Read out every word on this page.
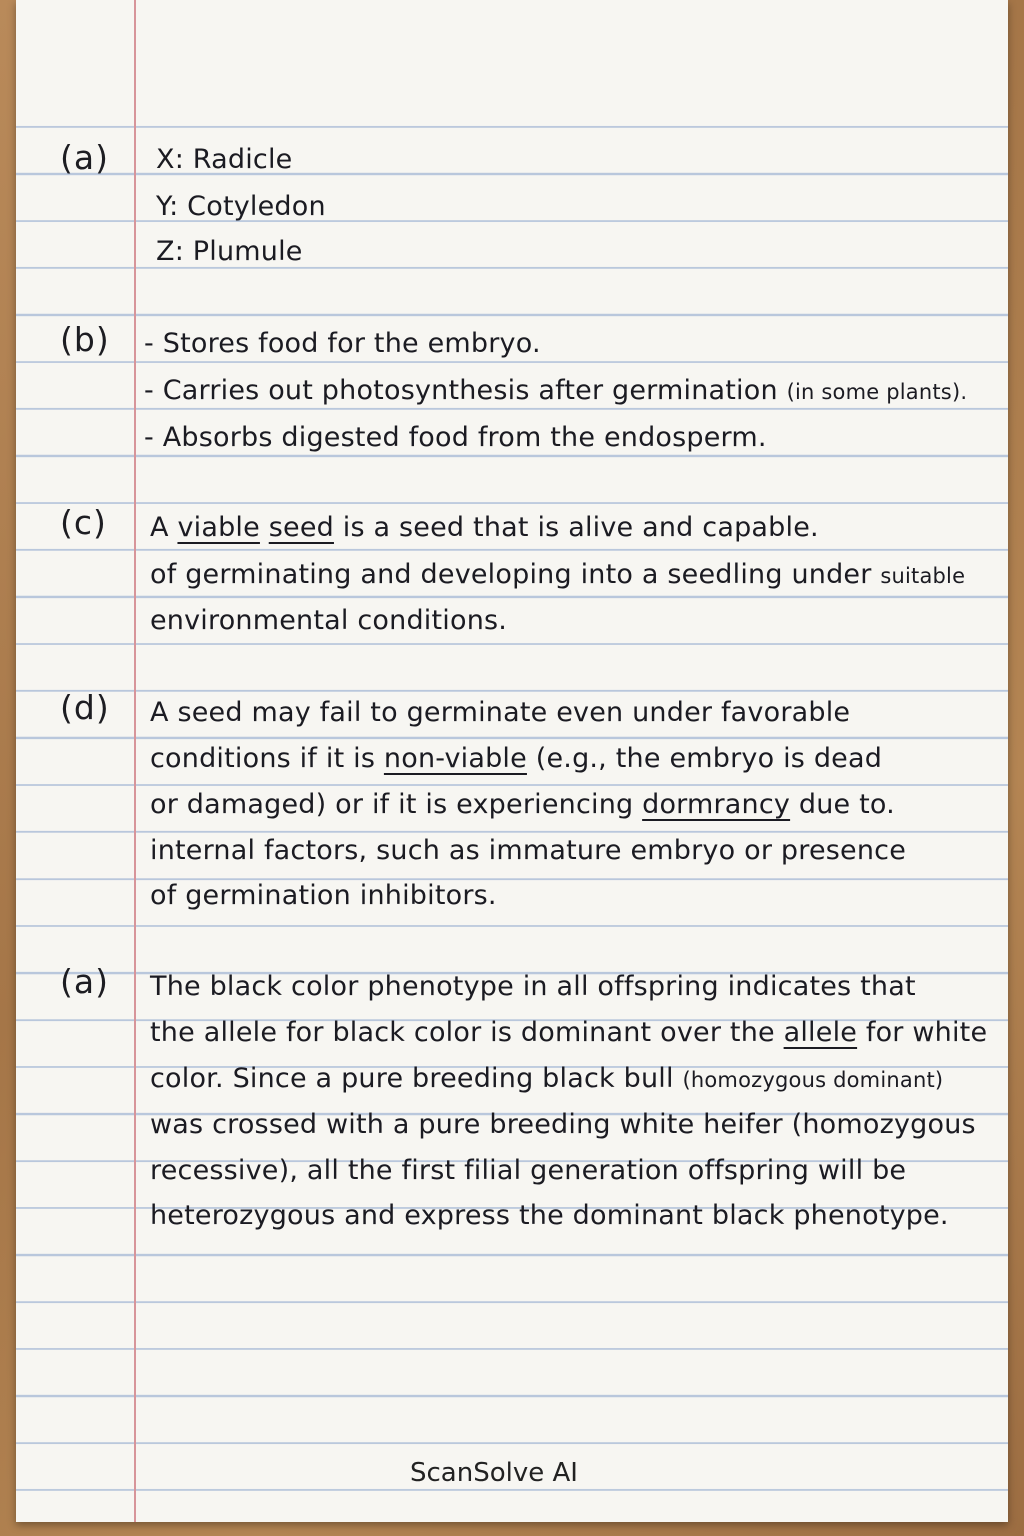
(a) X: Radicle
Y: Cotyledon
Z: Plumule
(b) - Stores food for the embryo.
- Carries out photosynthesis after germination (in some plants).
- Absorbs digested food from the endosperm.
(c) A viable seed is a seed that is alive and capable.
of germinating and developing into a seedling under suitable
environmental conditions.
(d) A seed may fail to germinate even under favorable
conditions if it is non-viable (e.g., the embryo is dead
or damaged) or if it is experiencing dormrancy due to.
internal factors, such as immature embryo or presence
of germination inhibitors.
(a) The black color phenotype in all offspring indicates that
the allele for black color is dominant over the allele for white
color. Since a pure breeding black bull (homozygous dominant)
was crossed with a pure breeding white heifer (homozygous
recessive), all the first filial generation offspring will be
heterozygous and express the dominant black phenotype.
ScanSolve AI
